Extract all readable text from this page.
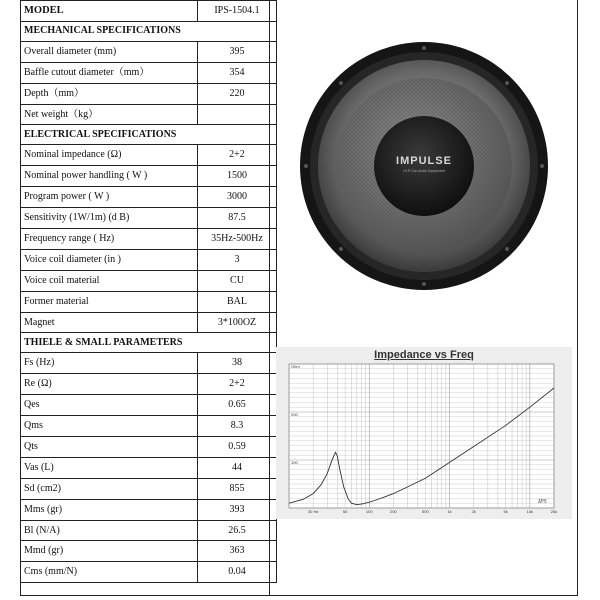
MODEL	IPS-1504.1
MECHANICAL SPECIFICATIONS	
Overall diameter (mm)	395
Baffle cutout diameter（mm）	354
Depth（mm）	220
Net weight（kg）	
ELECTRICAL SPECIFICATIONS	
Nominal impedance (Ω)	2+2
Nominal power handling ( W )	1500
Program power ( W )	3000
Sensitivity (1W/1m) (d B)	87.5
Frequency range ( Hz)	35Hz-500Hz
Voice coil diameter (in )	3
Voice coil material	CU
Former material	BAL
Magnet	3*100OZ
THIELE & SMALL PARAMETERS	
Fs (Hz)	38
Re (Ω)	2+2
Qes	0.65
Qms	8.3
Qts	0.59
Vas (L)	44
Sd (cm2)	855
Mms (gr)	393
Bl (N/A)	26.5
Mmd (gr)	363
Cms (mm/N)	0.04
IMPULSE
Hi-Fi Car Audio Equipment
Impedance vs Freq
Ohm
200
100
20 Hz	50	100	200	500	1k	2k	5k	10k	20k
IPS
